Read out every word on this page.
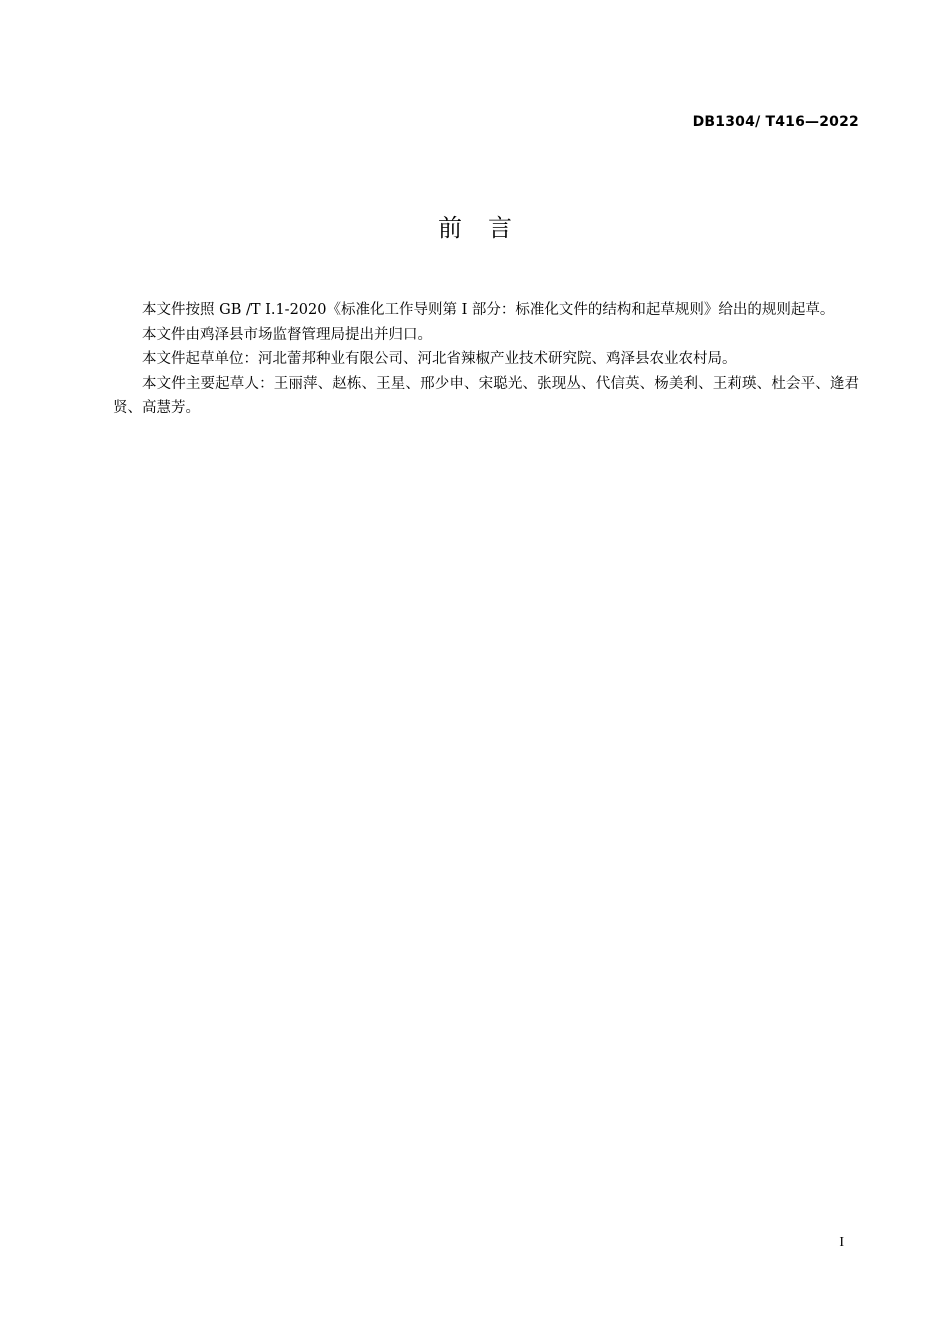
DB1304/ T416—2022
前言

本文件按照 GB /T I.1-2020《标准化工作导则第 I 部分：标准化文件的结构和起草规则》给出的规则起草。

本文件由鸡泽县市场监督管理局提出并归口。

本文件起草单位：河北蕾邦种业有限公司、河北省辣椒产业技术研究院、鸡泽县农业农村局。

本文件主要起草人：王丽萍、赵栋、王星、邢少申、宋聪光、张现丛、代信英、杨美利、王莉瑛、杜会平、逄君贤、高慧芳。

I
